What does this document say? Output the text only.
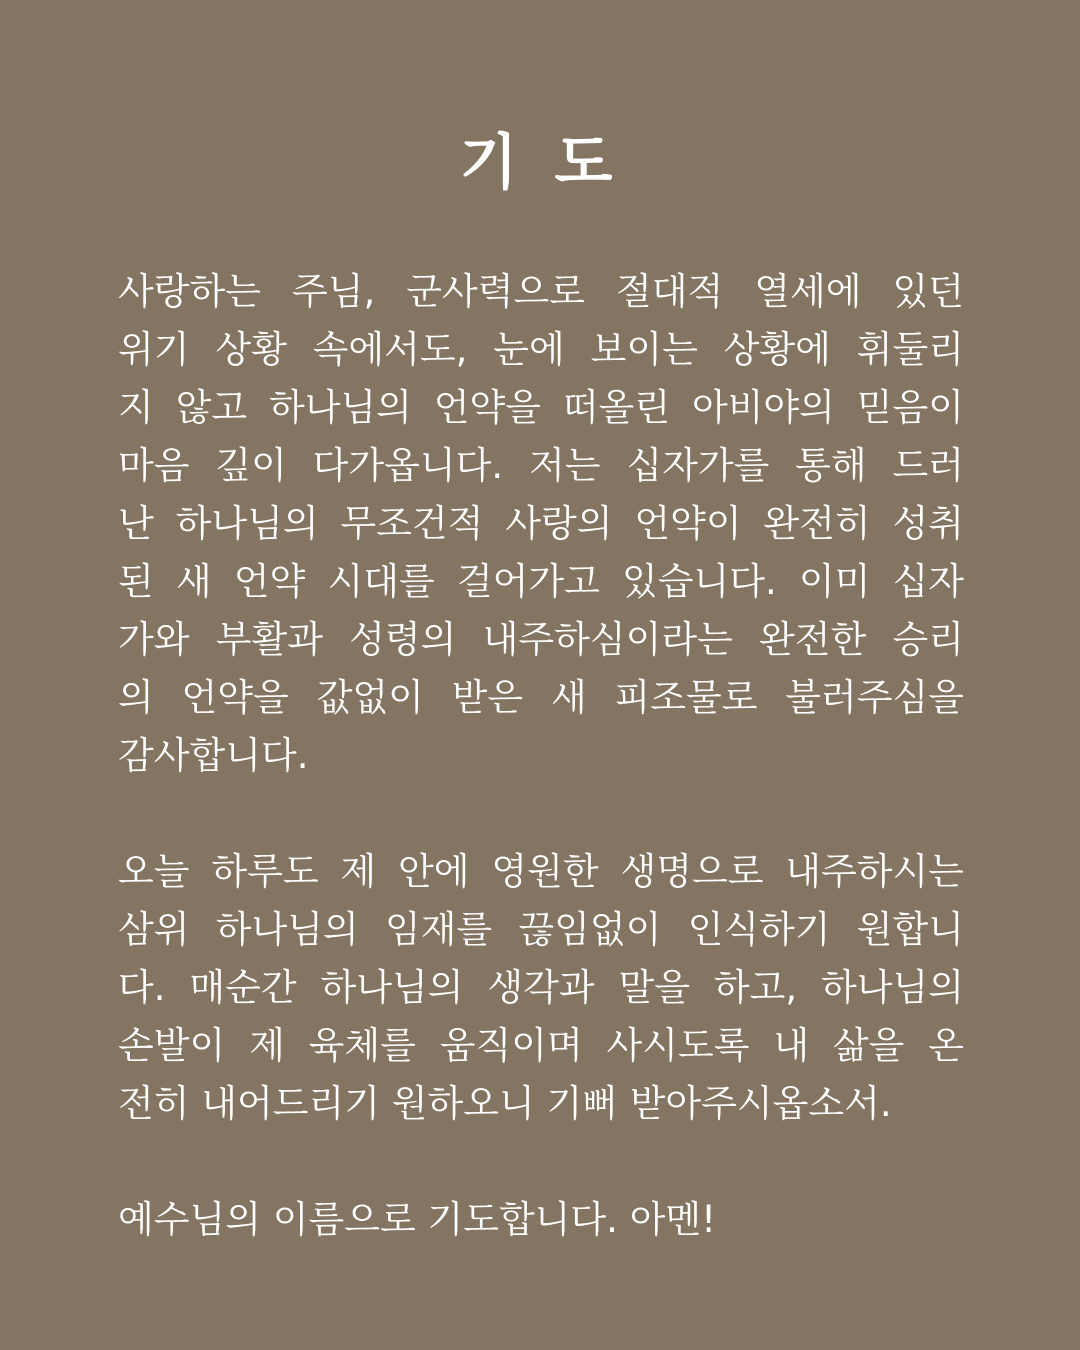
기 도
사랑하는 주님, 군사력으로 절대적 열세에 있던
위기 상황 속에서도, 눈에 보이는 상황에 휘둘리
지 않고 하나님의 언약을 떠올린 아비야의 믿음이
마음 깊이 다가옵니다. 저는 십자가를 통해 드러
난 하나님의 무조건적 사랑의 언약이 완전히 성취
된 새 언약 시대를 걸어가고 있습니다. 이미 십자
가와 부활과 성령의 내주하심이라는 완전한 승리
의 언약을 값없이 받은 새 피조물로 불러주심을
감사합니다.
오늘 하루도 제 안에 영원한 생명으로 내주하시는
삼위 하나님의 임재를 끊임없이 인식하기 원합니
다. 매순간 하나님의 생각과 말을 하고, 하나님의
손발이 제 육체를 움직이며 사시도록 내 삶을 온
전히 내어드리기 원하오니 기뻐 받아주시옵소서.
예수님의 이름으로 기도합니다. 아멘!
